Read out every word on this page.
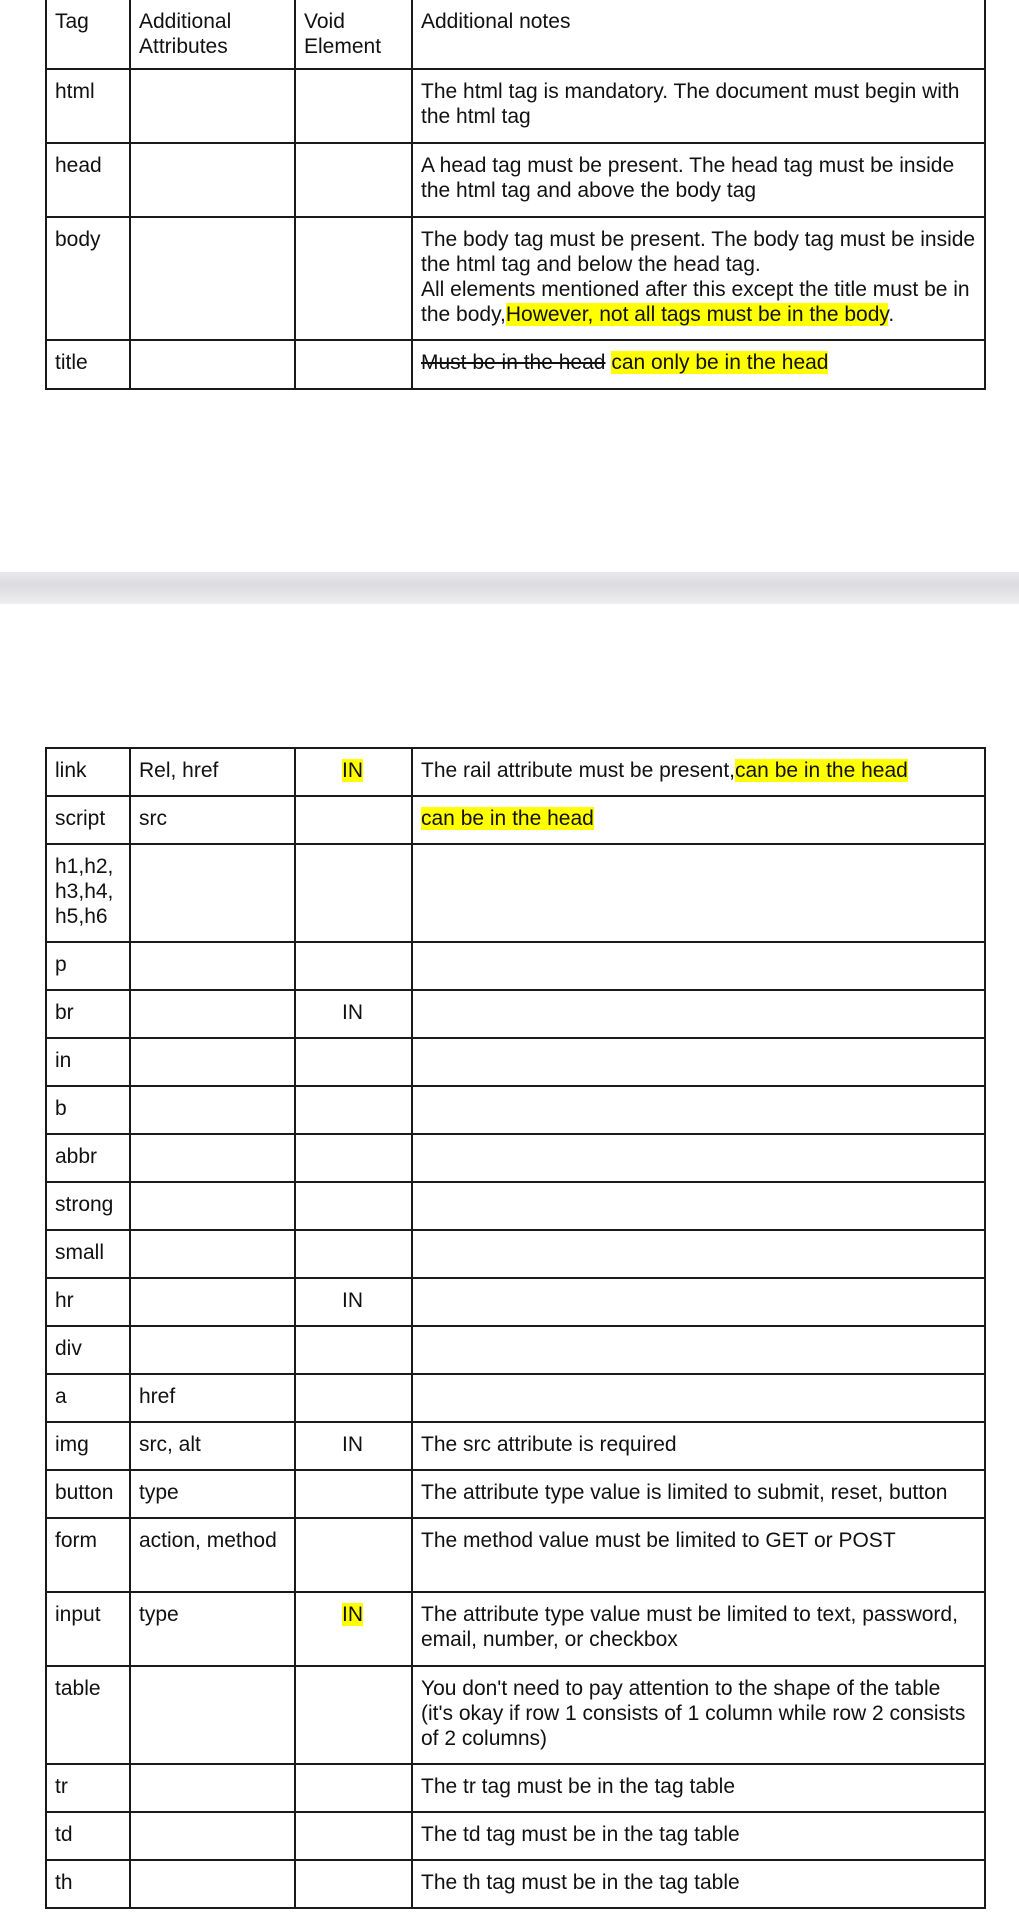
Tag	Additional Attributes	Void Element	Additional notes
html			The html tag is mandatory. The document must begin with the html tag
head			A head tag must be present. The head tag must be inside the html tag and above the body tag
body			The body tag must be present. The body tag must be inside the html tag and below the head tag.
All elements mentioned after this except the title must be in the body,However, not all tags must be in the body.
title			Must be in the head can only be in the head
link	Rel, href	IN	The rail attribute must be present,can be in the head
script	src		can be in the head
h1,h2, h3,h4, h5,h6			
p			
br		IN	
in			
b			
abbr			
strong			
small			
hr		IN	
div			
a	href		
img	src, alt	IN	The src attribute is required
button	type		The attribute type value is limited to submit, reset, button
form	action, method		The method value must be limited to GET or POST
input	type	IN	The attribute type value must be limited to text, password, email, number, or checkbox
table			You don't need to pay attention to the shape of the table (it's okay if row 1 consists of 1 column while row 2 consists of 2 columns)
tr			The tr tag must be in the tag table
td			The td tag must be in the tag table
th			The th tag must be in the tag table
